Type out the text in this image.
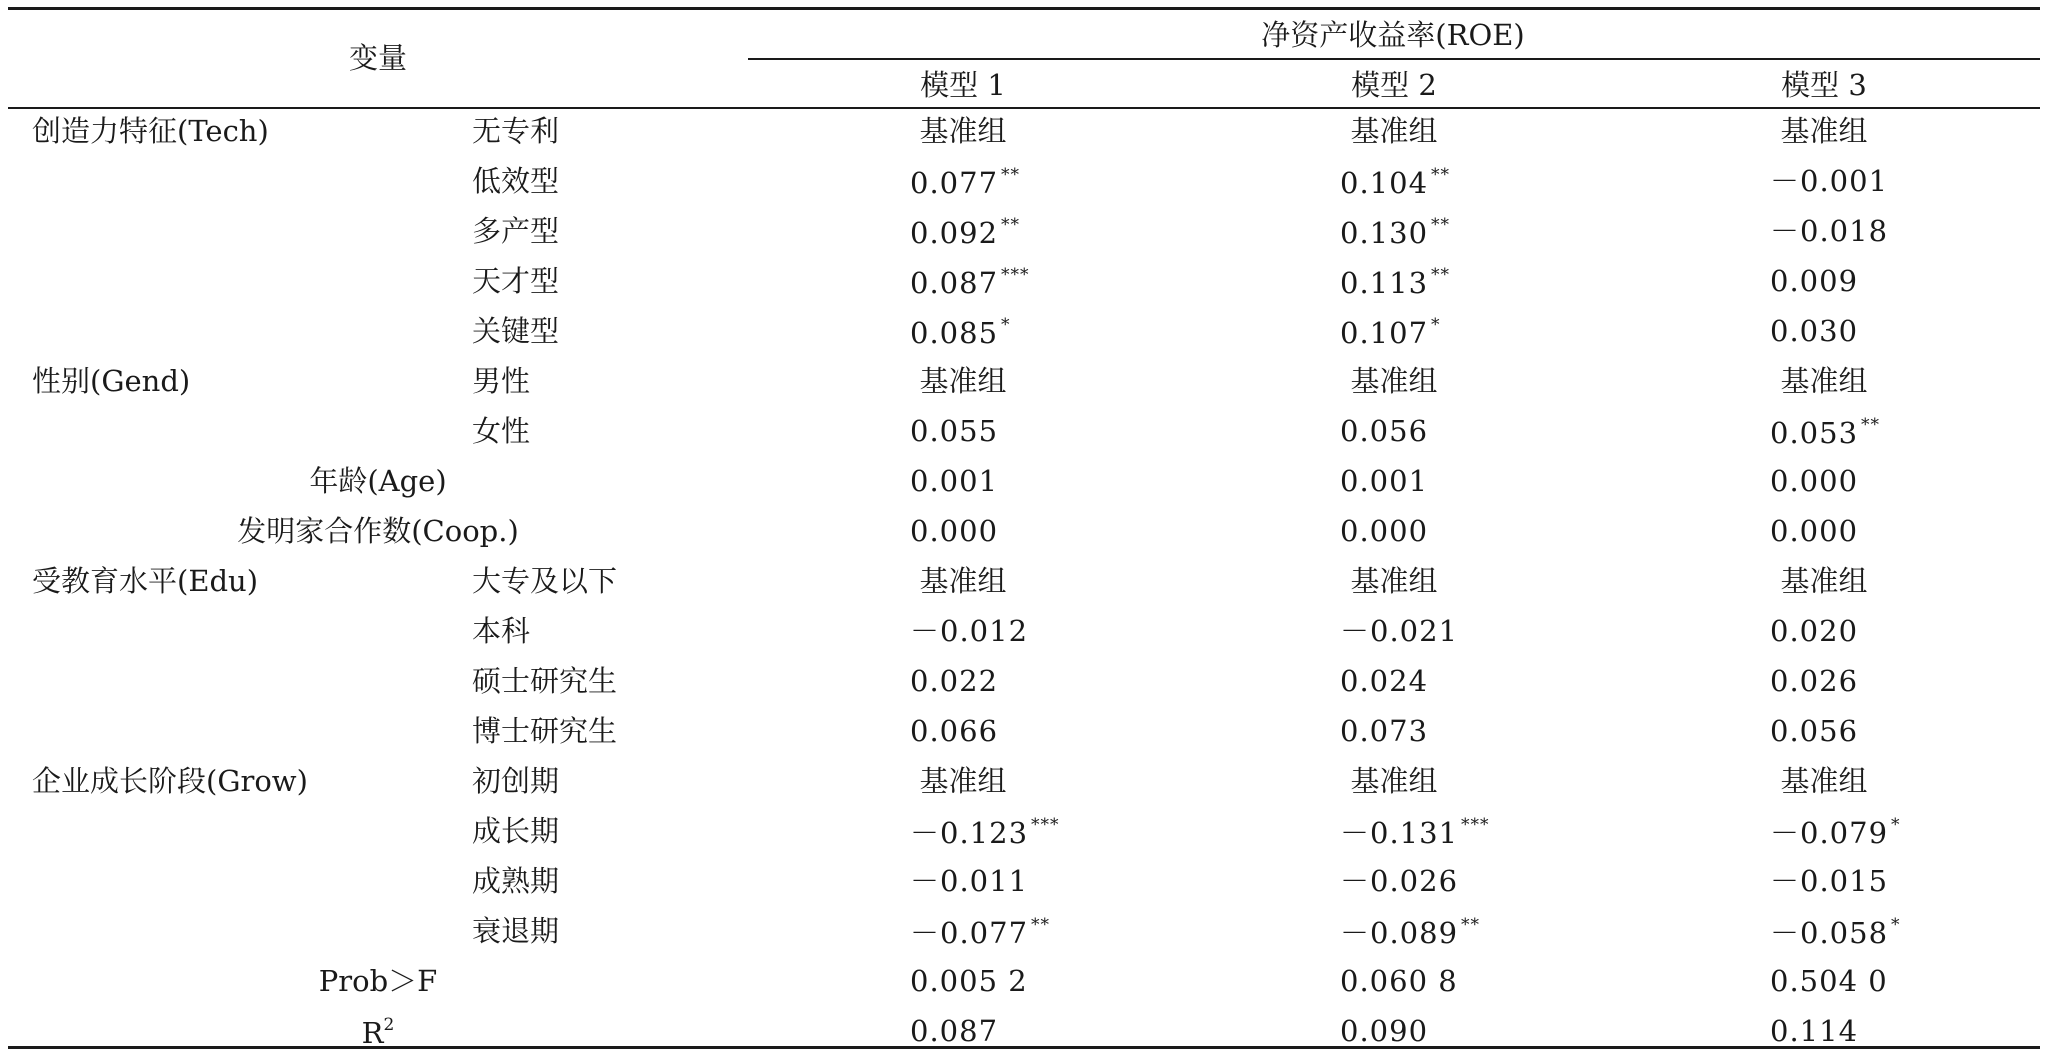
变量
净资产收益率(ROE)
模型 1	模型 2	模型 3
创造力特征(Tech)	无专利	基准组	基准组	基准组
低效型	0.077 **	0.104 **	－0.001
多产型	0.092 **	0.130 **	－0.018
天才型	0.087 ***	0.113 **	0.009
关键型	0.085 *	0.107 *	0.030
性别(Gend)	男性	基准组	基准组	基准组
女性	0.055	0.056	0.053 **
年龄(Age)	0.001	0.001	0.000
发明家合作数(Coop.)	0.000	0.000	0.000
受教育水平(Edu)	大专及以下	基准组	基准组	基准组
本科	－0.012	－0.021	0.020
硕士研究生	0.022	0.024	0.026
博士研究生	0.066	0.073	0.056
企业成长阶段(Grow)	初创期	基准组	基准组	基准组
成长期	－0.123 ***	－0.131 ***	－0.079 *
成熟期	－0.011	－0.026	－0.015
衰退期	－0.077 **	－0.089 **	－0.058 *
Prob＞F	0.005 2	0.060 8	0.504 0
$R^2$	0.087	0.090	0.114
